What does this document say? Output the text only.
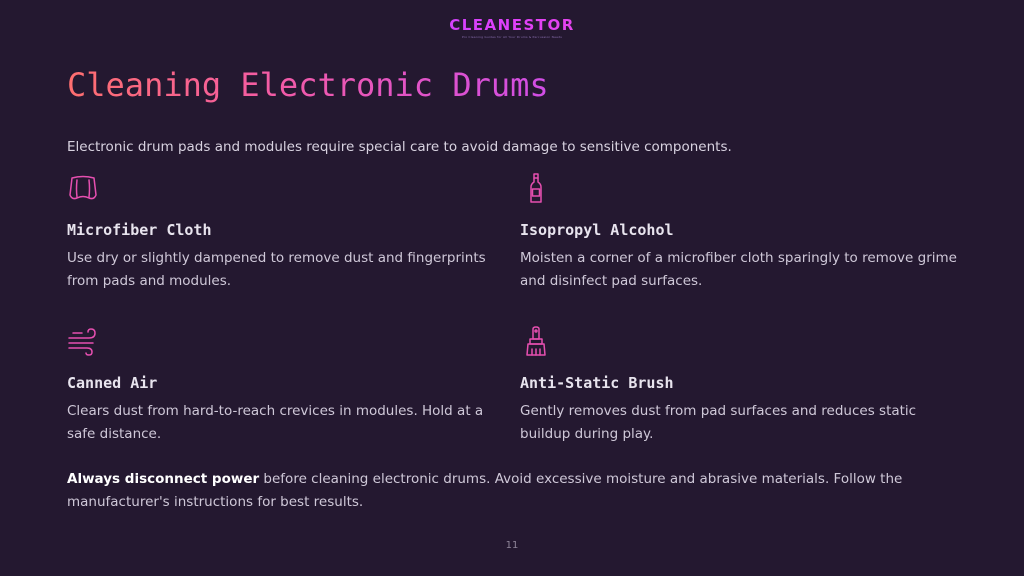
CLEANESTOR
Pro Cleaning Guides for All Your Drums & Percussion Needs
Cleaning Electronic Drums

Electronic drum pads and modules require special care to avoid damage to sensitive components.

Microfiber Cloth

Use dry or slightly dampened to remove dust and fingerprints from pads and modules.

Isopropyl Alcohol

Moisten a corner of a microfiber cloth sparingly to remove grime and disinfect pad surfaces.

Canned Air

Clears dust from hard-to-reach crevices in modules. Hold at a safe distance.

Anti-Static Brush

Gently removes dust from pad surfaces and reduces static buildup during play.

Always disconnect power before cleaning electronic drums. Avoid excessive moisture and abrasive materials. Follow the manufacturer's instructions for best results.

11
